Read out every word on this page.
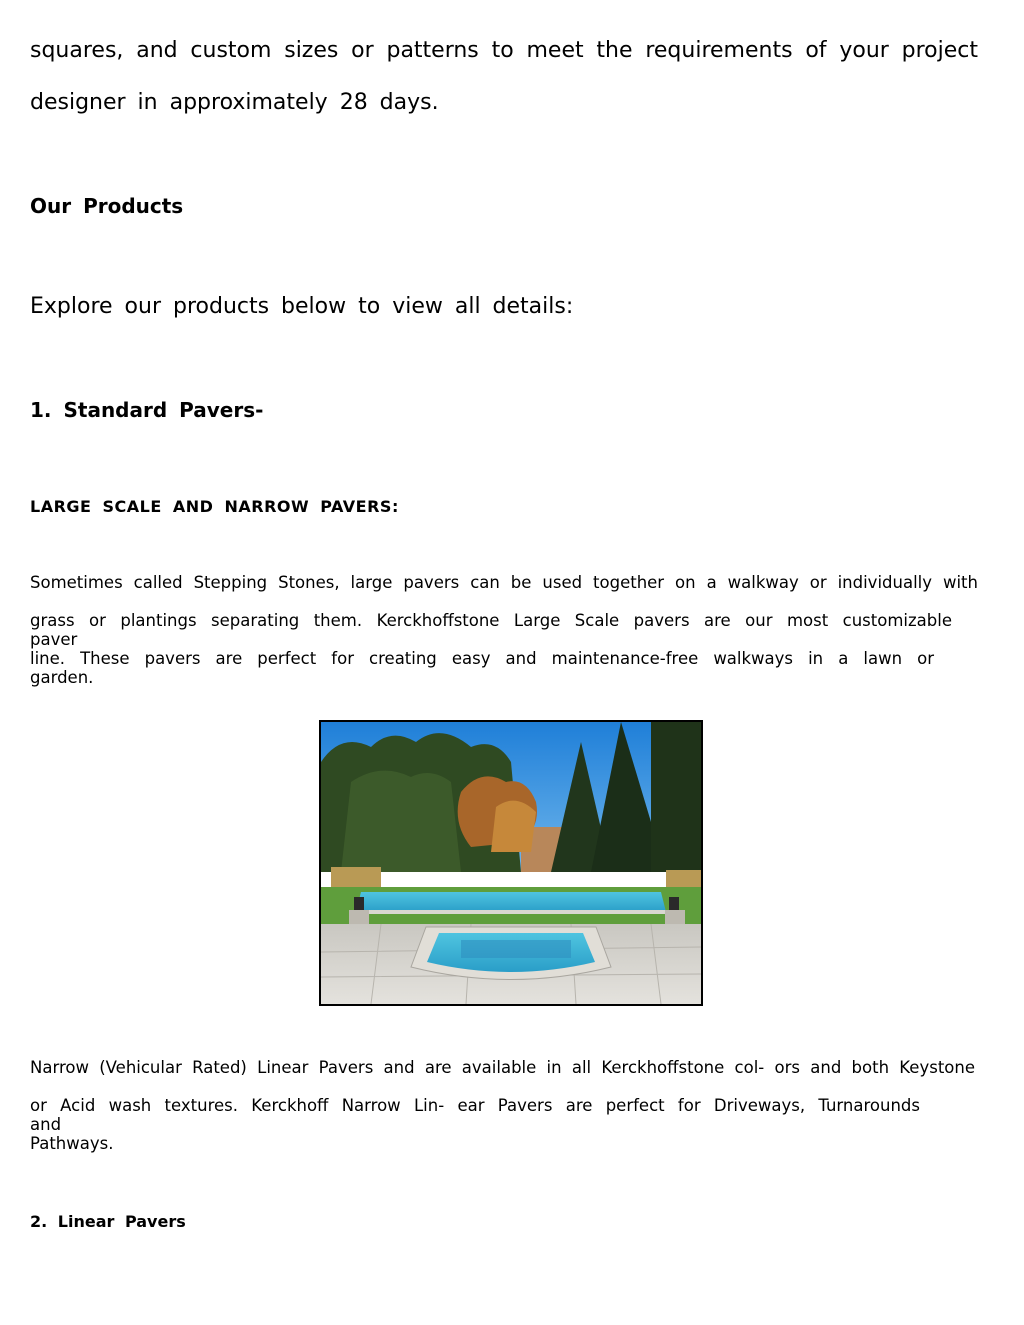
squares, and custom sizes or patterns to meet the requirements of your project
designer in approximately 28 days.
Our Products
Explore our products below to view all details:
1. Standard Pavers-
LARGE SCALE AND NARROW PAVERS:
Sometimes called Stepping Stones, large pavers can be used together on a walkway or individually with
grass or plantings separating them. Kerckhoffstone Large Scale pavers are our most customizable paver
line. These pavers are perfect for creating easy and maintenance-free walkways in a lawn or garden.
Narrow (Vehicular Rated) Linear Pavers and are available in all Kerckhoffstone col- ors and both Keystone
or Acid wash textures. Kerckhoff Narrow Lin- ear Pavers are perfect for Driveways, Turnarounds and
Pathways.
2. Linear Pavers
